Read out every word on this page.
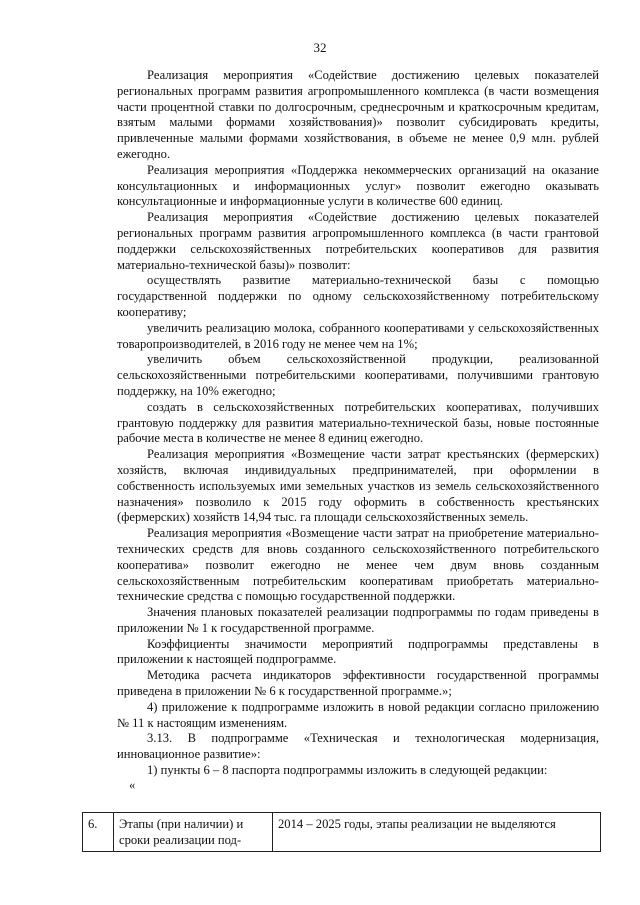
32

Реализация мероприятия «Содействие достижению целевых показателей региональных программ развития агропромышленного комплекса (в части возмещения части процентной ставки по долгосрочным, среднесрочным и краткосрочным кредитам, взятым малыми формами хозяйствования)» позволит субсидировать кредиты, привлеченные малыми формами хозяйствования, в объеме не менее 0,9 млн. рублей ежегодно.

Реализация мероприятия «Поддержка некоммерческих организаций на оказание консультационных и информационных услуг» позволит ежегодно оказывать консультационные и информационные услуги в количестве 600 единиц.

Реализация мероприятия «Содействие достижению целевых показателей региональных программ развития агропромышленного комплекса (в части грантовой поддержки сельскохозяйственных потребительских кооперативов для развития материально-технической базы)» позволит:

осуществлять развитие материально-технической базы с помощью государственной поддержки по одному сельскохозяйственному потребительскому кооперативу;

увеличить реализацию молока, собранного кооперативами у сельскохозяйственных товаропроизводителей, в 2016 году не менее чем на 1%;

увеличить объем сельскохозяйственной продукции, реализованной сельскохозяйственными потребительскими кооперативами, получившими грантовую поддержку, на 10% ежегодно;

создать в сельскохозяйственных потребительских кооперативах, получивших грантовую поддержку для развития материально-технической базы, новые постоянные рабочие места в количестве не менее 8 единиц ежегодно.

Реализация мероприятия «Возмещение части затрат крестьянских (фермерских) хозяйств, включая индивидуальных предпринимателей, при оформлении в собственность используемых ими земельных участков из земель сельскохозяйственного назначения» позволило к 2015 году оформить в собственность крестьянских (фермерских) хозяйств 14,94 тыс. га площади сельскохозяйственных земель.

Реализация мероприятия «Возмещение части затрат на приобретение материально-технических средств для вновь созданного сельскохозяйственного потребительского кооператива» позволит ежегодно не менее чем двум вновь созданным сельскохозяйственным потребительским кооперативам приобретать материально-технические средства с помощью государственной поддержки.

Значения плановых показателей реализации подпрограммы по годам приведены в приложении № 1 к государственной программе.

Коэффициенты значимости мероприятий подпрограммы представлены в приложении к настоящей подпрограмме.

Методика расчета индикаторов эффективности государственной программы приведена в приложении № 6 к государственной программе.»;

4) приложение к подпрограмме изложить в новой редакции согласно приложению № 11 к настоящим изменениям.

3.13. В подпрограмме «Техническая и технологическая модернизация, инновационное развитие»:

1) пункты 6 – 8 паспорта подпрограммы изложить в следующей редакции:

«

6.	Этапы (при наличии) и сроки реализации под-	2014 – 2025 годы, этапы реализации не выделяются
